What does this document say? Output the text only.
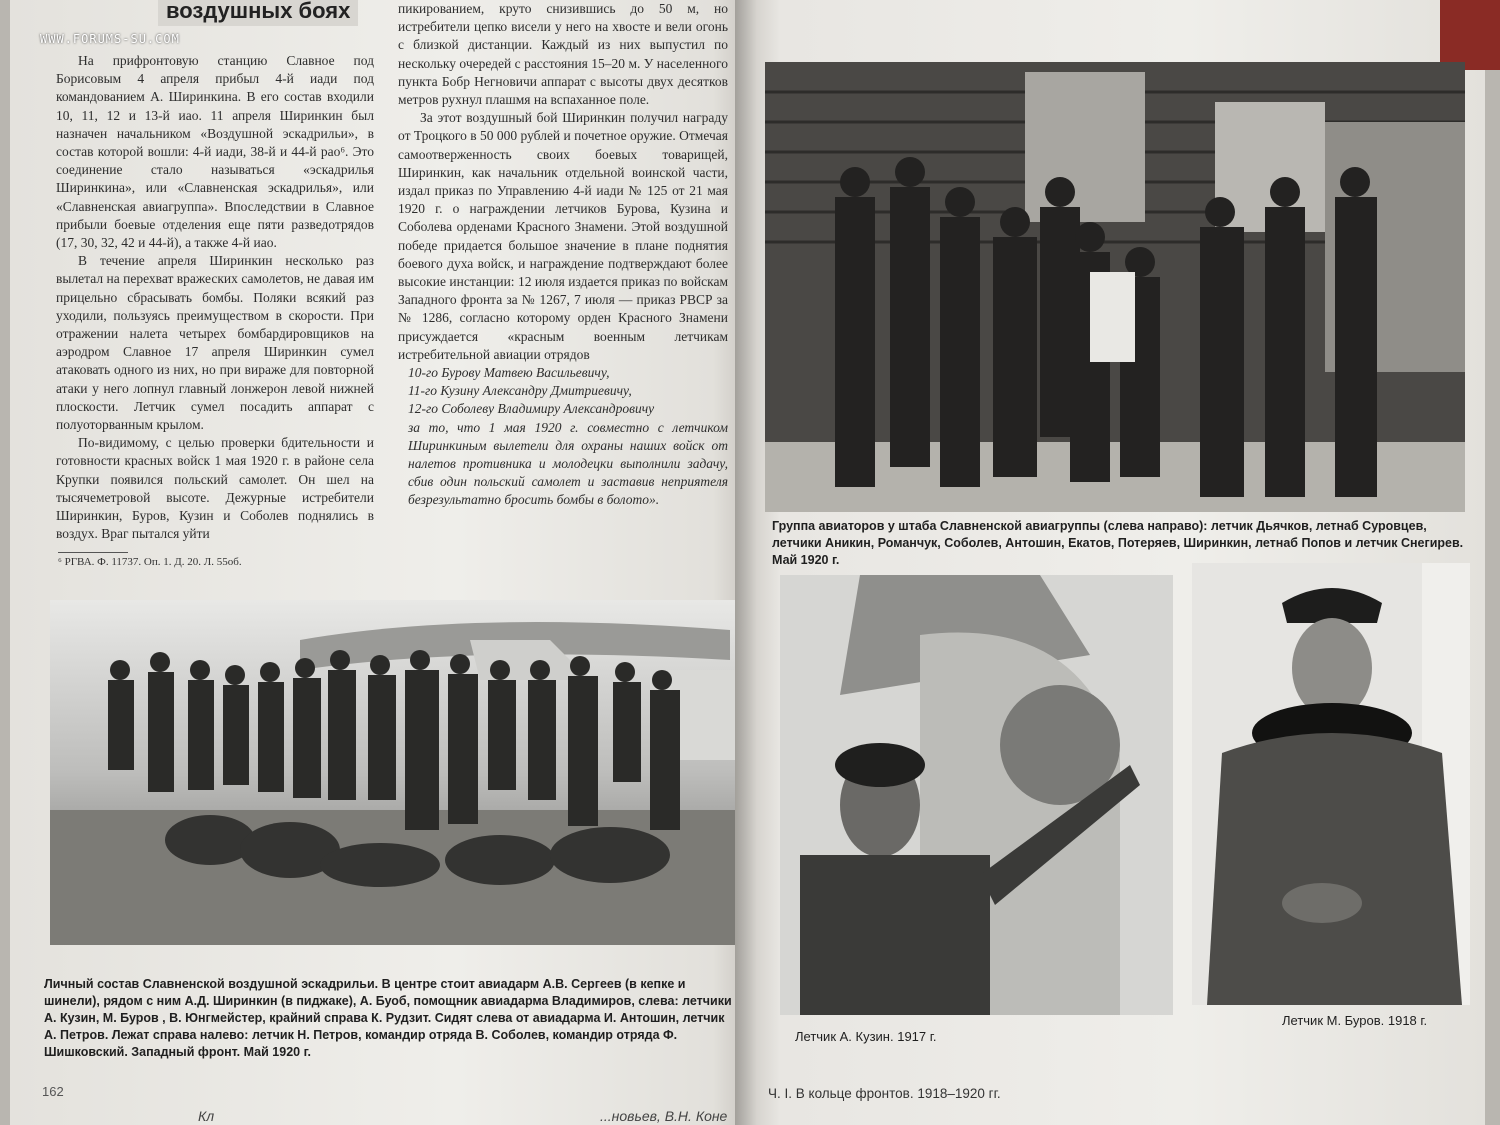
WWW.FORUMS-SU.COM
воздушных боях

На прифронтовую станцию Славное под Борисовым 4 апреля прибыл 4-й иади под командованием А. Ширинкина. В его состав входили 10, 11, 12 и 13-й иао. 11 апреля Ширинкин был назначен начальником «Воздушной эскадрильи», в состав которой вошли: 4-й иади, 38-й и 44-й рао⁶. Это соединение стало называться «эскадрилья Ширинкина», или «Славненская эскадрилья», или «Славненская авиагруппа». Впоследствии в Славное прибыли боевые отделения еще пяти разведотрядов (17, 30, 32, 42 и 44-й), а также 4-й иао.

В течение апреля Ширинкин несколько раз вылетал на перехват вражеских самолетов, не давая им прицельно сбрасывать бомбы. Поляки всякий раз уходили, пользуясь преимуществом в скорости. При отражении налета четырех бомбардировщиков на аэродром Славное 17 апреля Ширинкин сумел атаковать одного из них, но при вираже для повторной атаки у него лопнул главный лонжерон левой нижней плоскости. Летчик сумел посадить аппарат с полуоторванным крылом.

По-видимому, с целью проверки бдительности и готовности красных войск 1 мая 1920 г. в районе села Крупки появился польский самолет. Он шел на тысячеметровой высоте. Дежурные истребители Ширинкин, Буров, Кузин и Соболев поднялись в воздух. Враг пытался уйти

пикированием, круто снизившись до 50 м, но истребители цепко висели у него на хвосте и вели огонь с близкой дистанции. Каждый из них выпустил по нескольку очередей с расстояния 15–20 м. У населенного пункта Бобр Негновичи аппарат с высоты двух десятков метров рухнул плашмя на вспаханное поле.

За этот воздушный бой Ширинкин получил награду от Троцкого в 50 000 рублей и почетное оружие. Отмечая самоотверженность своих боевых товарищей, Ширинкин, как начальник отдельной воинской части, издал приказ по Управлению 4-й иади № 125 от 21 мая 1920 г. о награждении летчиков Бурова, Кузина и Соболева орденами Красного Знамени. Этой воздушной победе придается большое значение в плане поднятия боевого духа войск, и награждение подтверждают более высокие инстанции: 12 июля издается приказ по войскам Западного фронта за № 1267, 7 июля — приказ РВСР за № 1286, согласно которому орден Красного Знамени присуждается «красным военным летчикам истребительной авиации отрядов

10-го Бурову Матвею Васильевичу,
11-го Кузину Александру Дмитриевичу,
12-го Соболеву Владимиру Александровичу
за то, что 1 мая 1920 г. совместно с летчиком Ширинкиным вылетели для охраны наших войск от налетов противника и молодецки выполнили задачу, сбив один польский самолет и заставив неприятеля безрезультатно бросить бомбы в болото».
⁶ РГВА. Ф. 11737. Оп. 1. Д. 20. Л. 55об.
Личный состав Славненской воздушной эскадрильи. В центре стоит авиадарм А.В. Сергеев (в кепке и шинели), рядом с ним А.Д. Ширинкин (в пиджаке), А. Буоб, помощник авиадарма Владимиров, слева: летчики А. Кузин, М. Буров , В. Юнгмейстер, крайний справа К. Рудзит. Сидят слева от авиадарма И. Антошин, летчик А. Петров. Лежат справа налево: летчик Н. Петров, командир отряда В. Соболев, командир отряда Ф. Шишковский. Западный фронт. Май 1920 г.
162
Кл	...новьев, В.Н. Коне
Группа авиаторов у штаба Славненской авиагруппы (слева направо): летчик Дьячков, летнаб Суровцев, летчики Аникин, Романчук, Соболев, Антошин, Екатов, Потеряев, Ширинкин, летнаб Попов и летчик Снегирев. Май 1920 г.
Летчик А. Кузин. 1917 г.
Летчик М. Буров. 1918 г.
Ч. I. В кольце фронтов. 1918–1920 гг.
